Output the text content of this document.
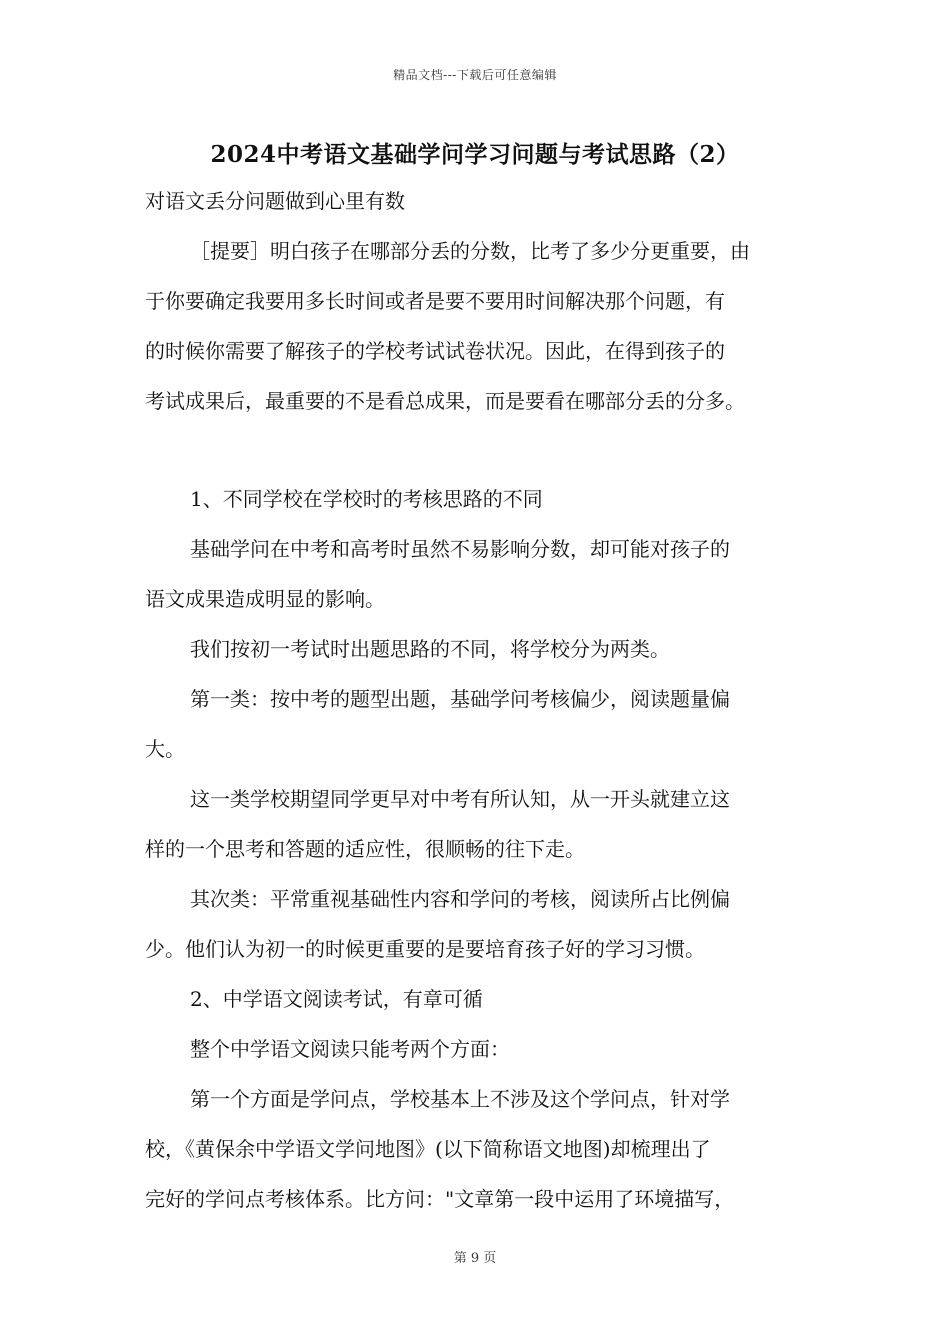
精品文档---下载后可任意编辑
2024中考语文基础学问学习问题与考试思路（2）

对语文丢分问题做到心里有数

［提要］明白孩子在哪部分丢的分数，比考了多少分更重要，由

于你要确定我要用多长时间或者是要不要用时间解决那个问题，有

的时候你需要了解孩子的学校考试试卷状况。因此，在得到孩子的

考试成果后，最重要的不是看总成果，而是要看在哪部分丢的分多。

1、不同学校在学校时的考核思路的不同

基础学问在中考和高考时虽然不易影响分数，却可能对孩子的

语文成果造成明显的影响。

我们按初一考试时出题思路的不同，将学校分为两类。

第一类：按中考的题型出题，基础学问考核偏少，阅读题量偏

大。

这一类学校期望同学更早对中考有所认知，从一开头就建立这

样的一个思考和答题的适应性，很顺畅的往下走。

其次类：平常重视基础性内容和学问的考核，阅读所占比例偏

少。他们认为初一的时候更重要的是要培育孩子好的学习习惯。

2、中学语文阅读考试，有章可循

整个中学语文阅读只能考两个方面：

第一个方面是学问点，学校基本上不涉及这个学问点，针对学

校，《黄保余中学语文学问地图》(以下简称语文地图)却梳理出了

完好的学问点考核体系。比方问："文章第一段中运用了环境描写，

第 9 页
